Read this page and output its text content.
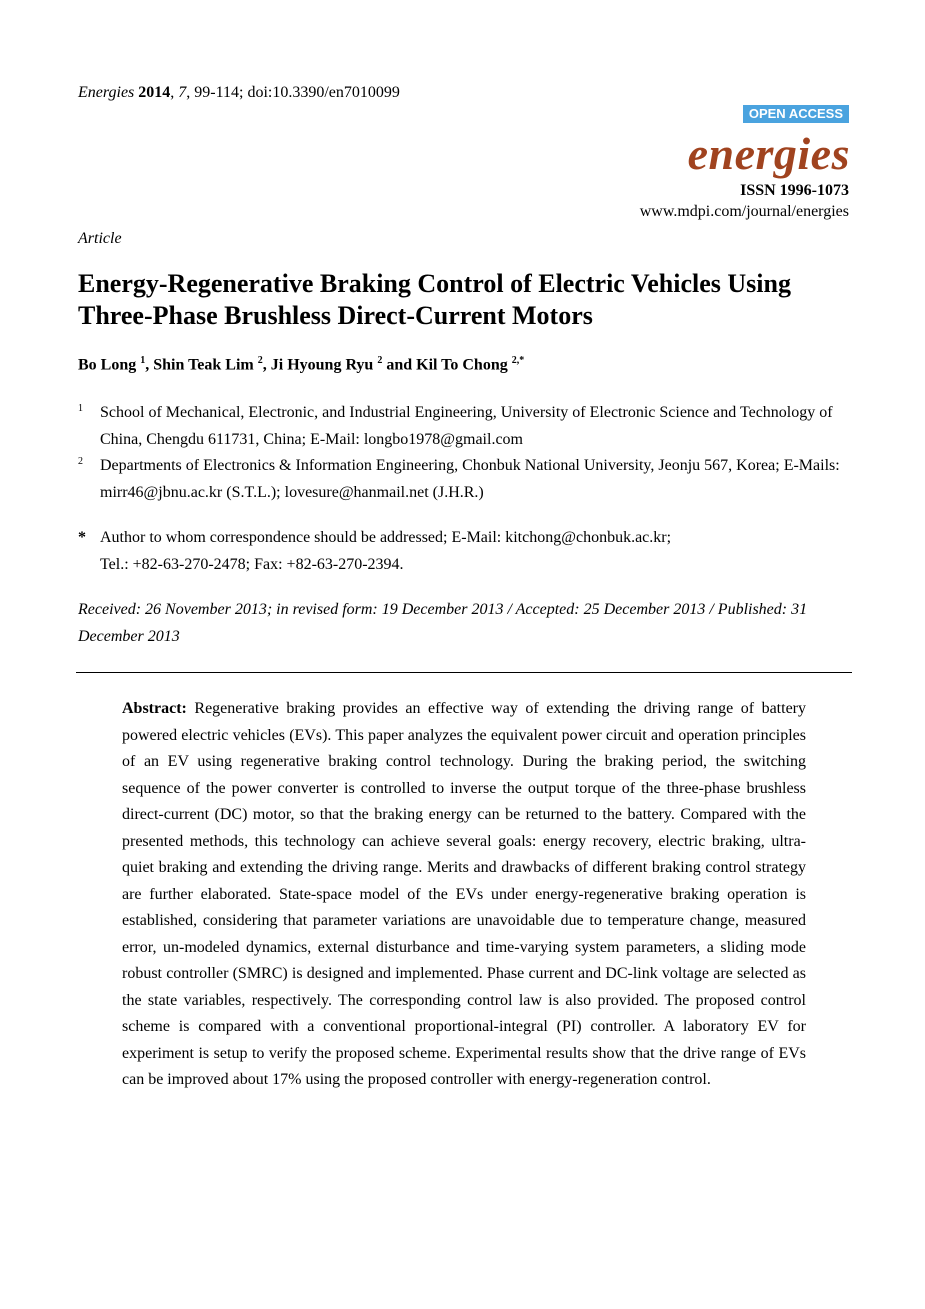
Energies 2014, 7, 99-114; doi:10.3390/en7010099
OPEN ACCESS
energies
ISSN 1996-1073
www.mdpi.com/journal/energies
Article
Energy-Regenerative Braking Control of Electric Vehicles Using Three-Phase Brushless Direct-Current Motors
Bo Long $^1$, Shin Teak Lim $^2$, Ji Hyoung Ryu $^2$ and Kil To Chong $^{2,*}$
1 School of Mechanical, Electronic, and Industrial Engineering, University of Electronic Science and Technology of China, Chengdu 611731, China; E-Mail: longbo1978@gmail.com
2 Departments of Electronics & Information Engineering, Chonbuk National University, Jeonju 567, Korea; E-Mails: mirr46@jbnu.ac.kr (S.T.L.); lovesure@hanmail.net (J.H.R.)
* Author to whom correspondence should be addressed; E-Mail: kitchong@chonbuk.ac.kr;
Tel.: +82-63-270-2478; Fax: +82-63-270-2394.
Received: 26 November 2013; in revised form: 19 December 2013 / Accepted: 25 December 2013 / Published: 31 December 2013
Abstract: Regenerative braking provides an effective way of extending the driving range of battery powered electric vehicles (EVs). This paper analyzes the equivalent power circuit and operation principles of an EV using regenerative braking control technology. During the braking period, the switching sequence of the power converter is controlled to inverse the output torque of the three-phase brushless direct-current (DC) motor, so that the braking energy can be returned to the battery. Compared with the presented methods, this technology can achieve several goals: energy recovery, electric braking, ultra-quiet braking and extending the driving range. Merits and drawbacks of different braking control strategy are further elaborated. State-space model of the EVs under energy-regenerative braking operation is established, considering that parameter variations are unavoidable due to temperature change, measured error, un-modeled dynamics, external disturbance and time-varying system parameters, a sliding mode robust controller (SMRC) is designed and implemented. Phase current and DC-link voltage are selected as the state variables, respectively. The corresponding control law is also provided. The proposed control scheme is compared with a conventional proportional-integral (PI) controller. A laboratory EV for experiment is setup to verify the proposed scheme. Experimental results show that the drive range of EVs can be improved about 17% using the proposed controller with energy-regeneration control.
